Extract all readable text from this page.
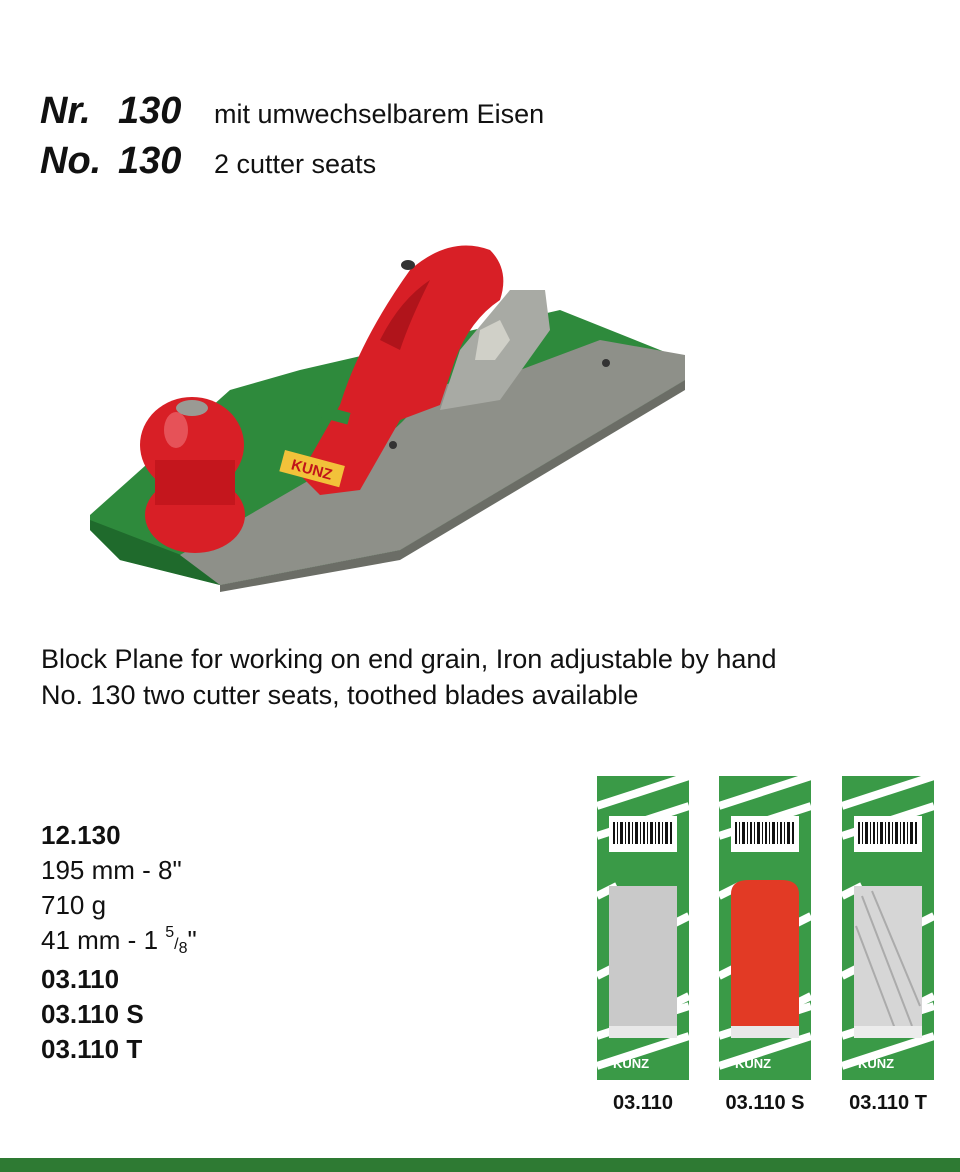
Nr. 130	mit umwechselbarem Eisen
No. 130	2 cutter seats
KUNZ
Block Plane for working on end grain, Iron adjustable by hand
No. 130 two cutter seats, toothed blades available
12.130
195 mm - 8"
710 g
41 mm - 1 5/8"
03.110
03.110 S
03.110 T	KUNZ	KUNZ	KUNZ
03.110	03.110 S	03.110 T
